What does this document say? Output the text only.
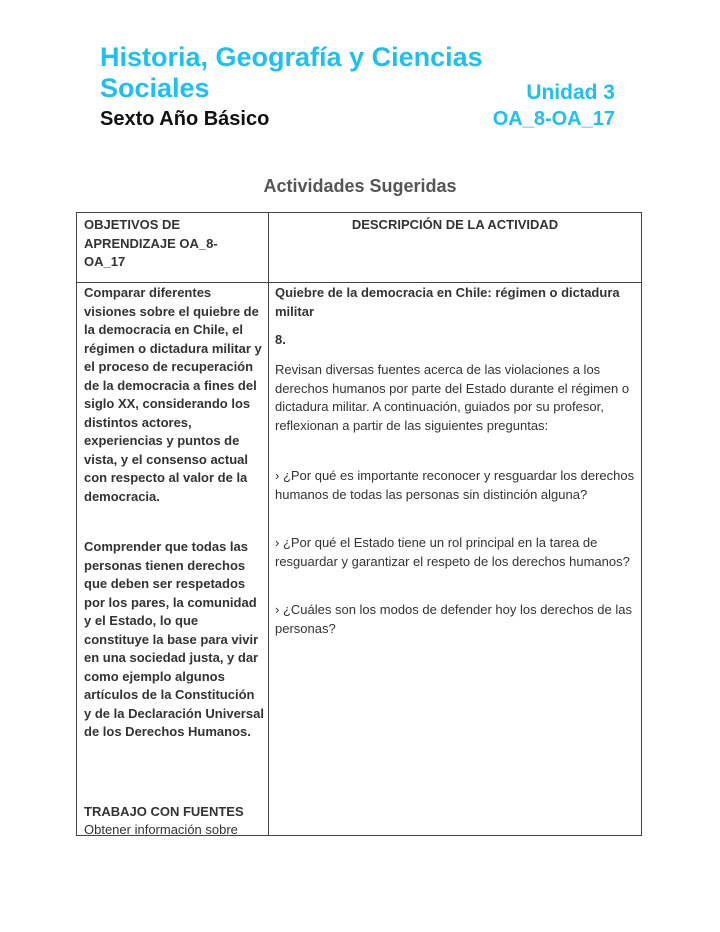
Historia, Geografía y Ciencias
Sociales	Unidad 3
Sexto Año Básico	OA_8-OA_17
Actividades Sugeridas
OBJETIVOS DE APRENDIZAJE OA_8-OA_17
DESCRIPCIÓN DE LA ACTIVIDAD
Comparar diferentes visiones sobre el quiebre de la democracia en Chile, el régimen o dictadura militar y el proceso de recuperación de la democracia a fines del siglo XX, considerando los distintos actores, experiencias y puntos de vista, y el consenso actual con respecto al valor de la democracia.
Comprender que todas las personas tienen derechos que deben ser respetados por los pares, la comunidad y el Estado, lo que constituye la base para vivir en una sociedad justa, y dar como ejemplo algunos artículos de la Constitución y de la Declaración Universal de los Derechos Humanos.
TRABAJO CON FUENTES
Obtener información sobre
Quiebre de la democracia en Chile: régimen o dictadura militar
8.
Revisan diversas fuentes acerca de las violaciones a los derechos humanos por parte del Estado durante el régimen o dictadura militar. A continuación, guiados por su profesor, reflexionan a partir de las siguientes preguntas:
› ¿Por qué es importante reconocer y resguardar los derechos humanos de todas las personas sin distinción alguna?
› ¿Por qué el Estado tiene un rol principal en la tarea de resguardar y garantizar el respeto de los derechos humanos?
› ¿Cuáles son los modos de defender hoy los derechos de las personas?
